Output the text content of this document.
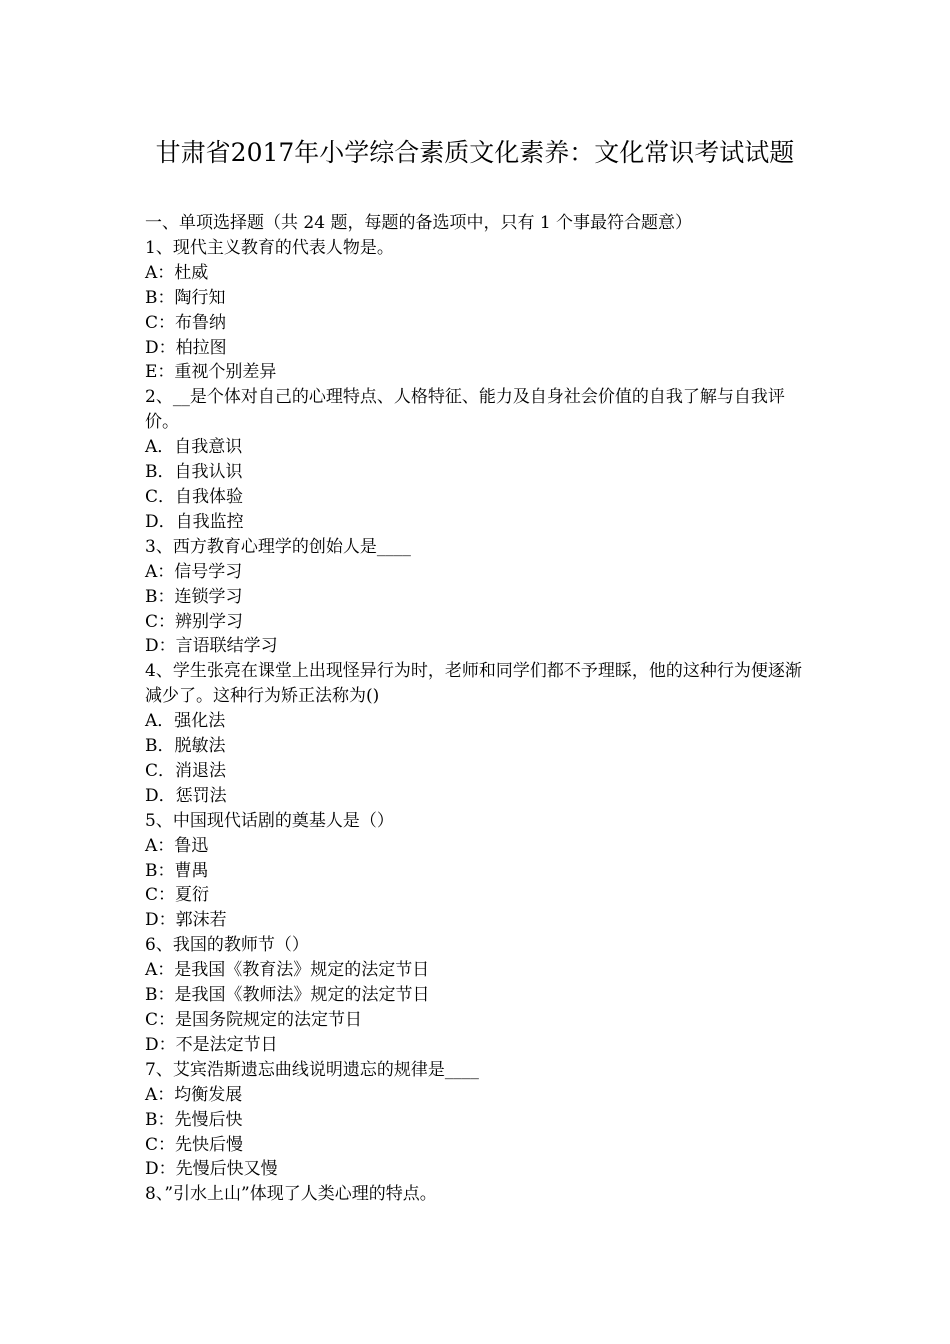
甘肃省2017年小学综合素质文化素养：文化常识考试试题
一、单项选择题（共 24 题，每题的备选项中，只有 1 个事最符合题意）
1、现代主义教育的代表人物是。
A：杜威
B：陶行知
C：布鲁纳
D：柏拉图
E：重视个别差异
2、__是个体对自己的心理特点、人格特征、能力及自身社会价值的自我了解与自我评价。
A．自我意识
B．自我认识
C．自我体验
D．自我监控
3、西方教育心理学的创始人是____
A：信号学习
B：连锁学习
C：辨别学习
D：言语联结学习
4、学生张亮在课堂上出现怪异行为时，老师和同学们都不予理睬，他的这种行为便逐渐减少了。这种行为矫正法称为()
A．强化法
B．脱敏法
C．消退法
D．惩罚法
5、中国现代话剧的奠基人是（）
A：鲁迅
B：曹禺
C：夏衍
D：郭沫若
6、我国的教师节（）
A：是我国《教育法》规定的法定节日
B：是我国《教师法》规定的法定节日
C：是国务院规定的法定节日
D：不是法定节日
7、艾宾浩斯遗忘曲线说明遗忘的规律是____
A：均衡发展
B：先慢后快
C：先快后慢
D：先慢后快又慢
8、”引水上山”体现了人类心理的特点。
